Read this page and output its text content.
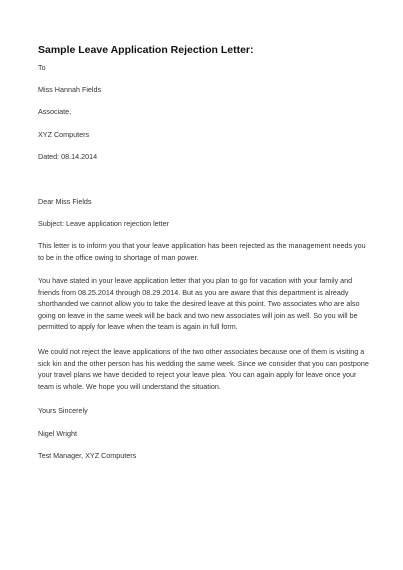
Sample Leave Application Rejection Letter:
To
Miss Hannah Fields
Associate,
XYZ Computers
Dated: 08.14.2014
Dear Miss Fields
Subject: Leave application rejection letter
This letter is to inform you that your leave application has been rejected as the management needs you to be in the office owing to shortage of man power.
You have stated in your leave application letter that you plan to go for vacation with your family and friends from 08.25.2014 through 08.29.2014. But as you are aware that this department is already shorthanded we cannot allow you to take the desired leave at this point. Two associates who are also going on leave in the same week will be back and two new associates will join as well. So you will be permitted to apply for leave when the team is again in full form.
We could not reject the leave applications of the two other associates because one of them is visiting a sick kin and the other person has his wedding the same week. Since we consider that you can postpone your travel plans we have decided to reject your leave plea. You can again apply for leave once your team is whole. We hope you will understand the situation.
Yours Sincerely
Nigel Wright
Test Manager, XYZ Computers
